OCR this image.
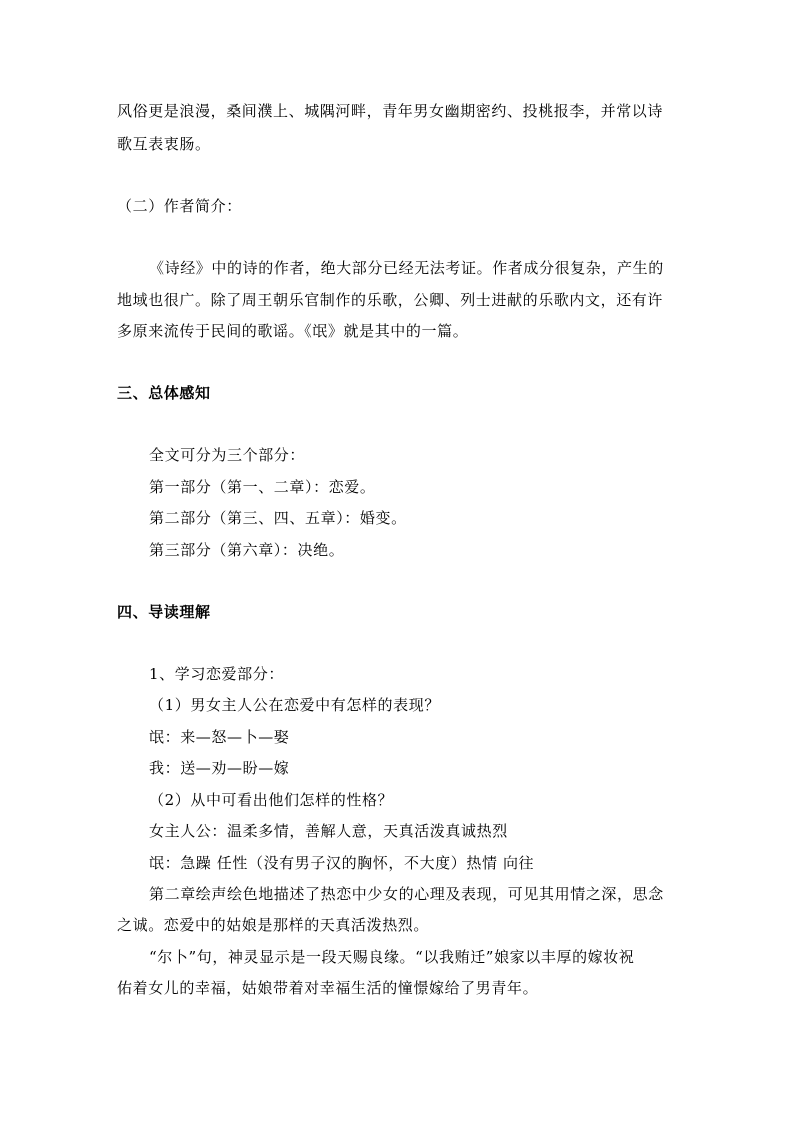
风俗更是浪漫，桑间濮上、城隅河畔，青年男女幽期密约、投桃报李，并常以诗
歌互表衷肠。
（二）作者简介：
《诗经》中的诗的作者，绝大部分已经无法考证。作者成分很复杂，产生的
地域也很广。除了周王朝乐官制作的乐歌，公卿、列士进献的乐歌内文，还有许
多原来流传于民间的歌谣。《氓》就是其中的一篇。
三、总体感知
全文可分为三个部分：
第一部分（第一、二章）：恋爱。
第二部分（第三、四、五章）：婚变。
第三部分（第六章）：决绝。
四、导读理解
1、学习恋爱部分：
（1）男女主人公在恋爱中有怎样的表现？
氓：来—怒—卜—娶
我：送—劝—盼—嫁
（2）从中可看出他们怎样的性格？
女主人公：温柔多情，善解人意，天真活泼真诚热烈
氓：急躁 任性（没有男子汉的胸怀，不大度）热情 向往
第二章绘声绘色地描述了热恋中少女的心理及表现，可见其用情之深，思念
之诚。恋爱中的姑娘是那样的天真活泼热烈。
“尔卜”句，神灵显示是一段天赐良缘。“以我贿迁”娘家以丰厚的嫁妆祝
佑着女儿的幸福，姑娘带着对幸福生活的憧憬嫁给了男青年。
